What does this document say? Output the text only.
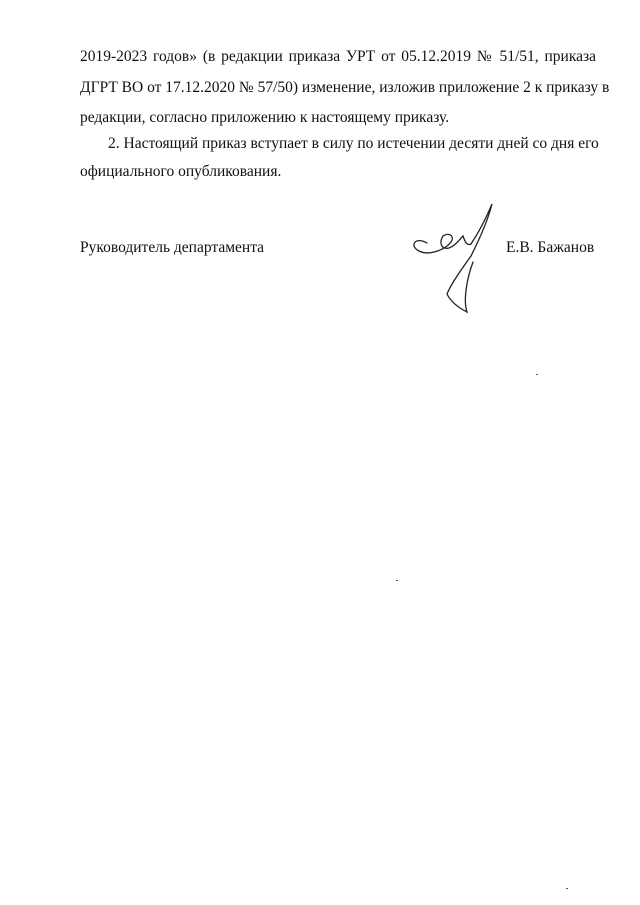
2019-2023 годов» (в редакции приказа УРТ от 05.12.2019 № 51/51, приказа
ДГРТ ВО от 17.12.2020 № 57/50) изменение, изложив приложение 2 к приказу в
редакции, согласно приложению к настоящему приказу.
2. Настоящий приказ вступает в силу по истечении десяти дней со дня его
официального опубликования.
Руководитель департамента	Е.В. Бажанов
